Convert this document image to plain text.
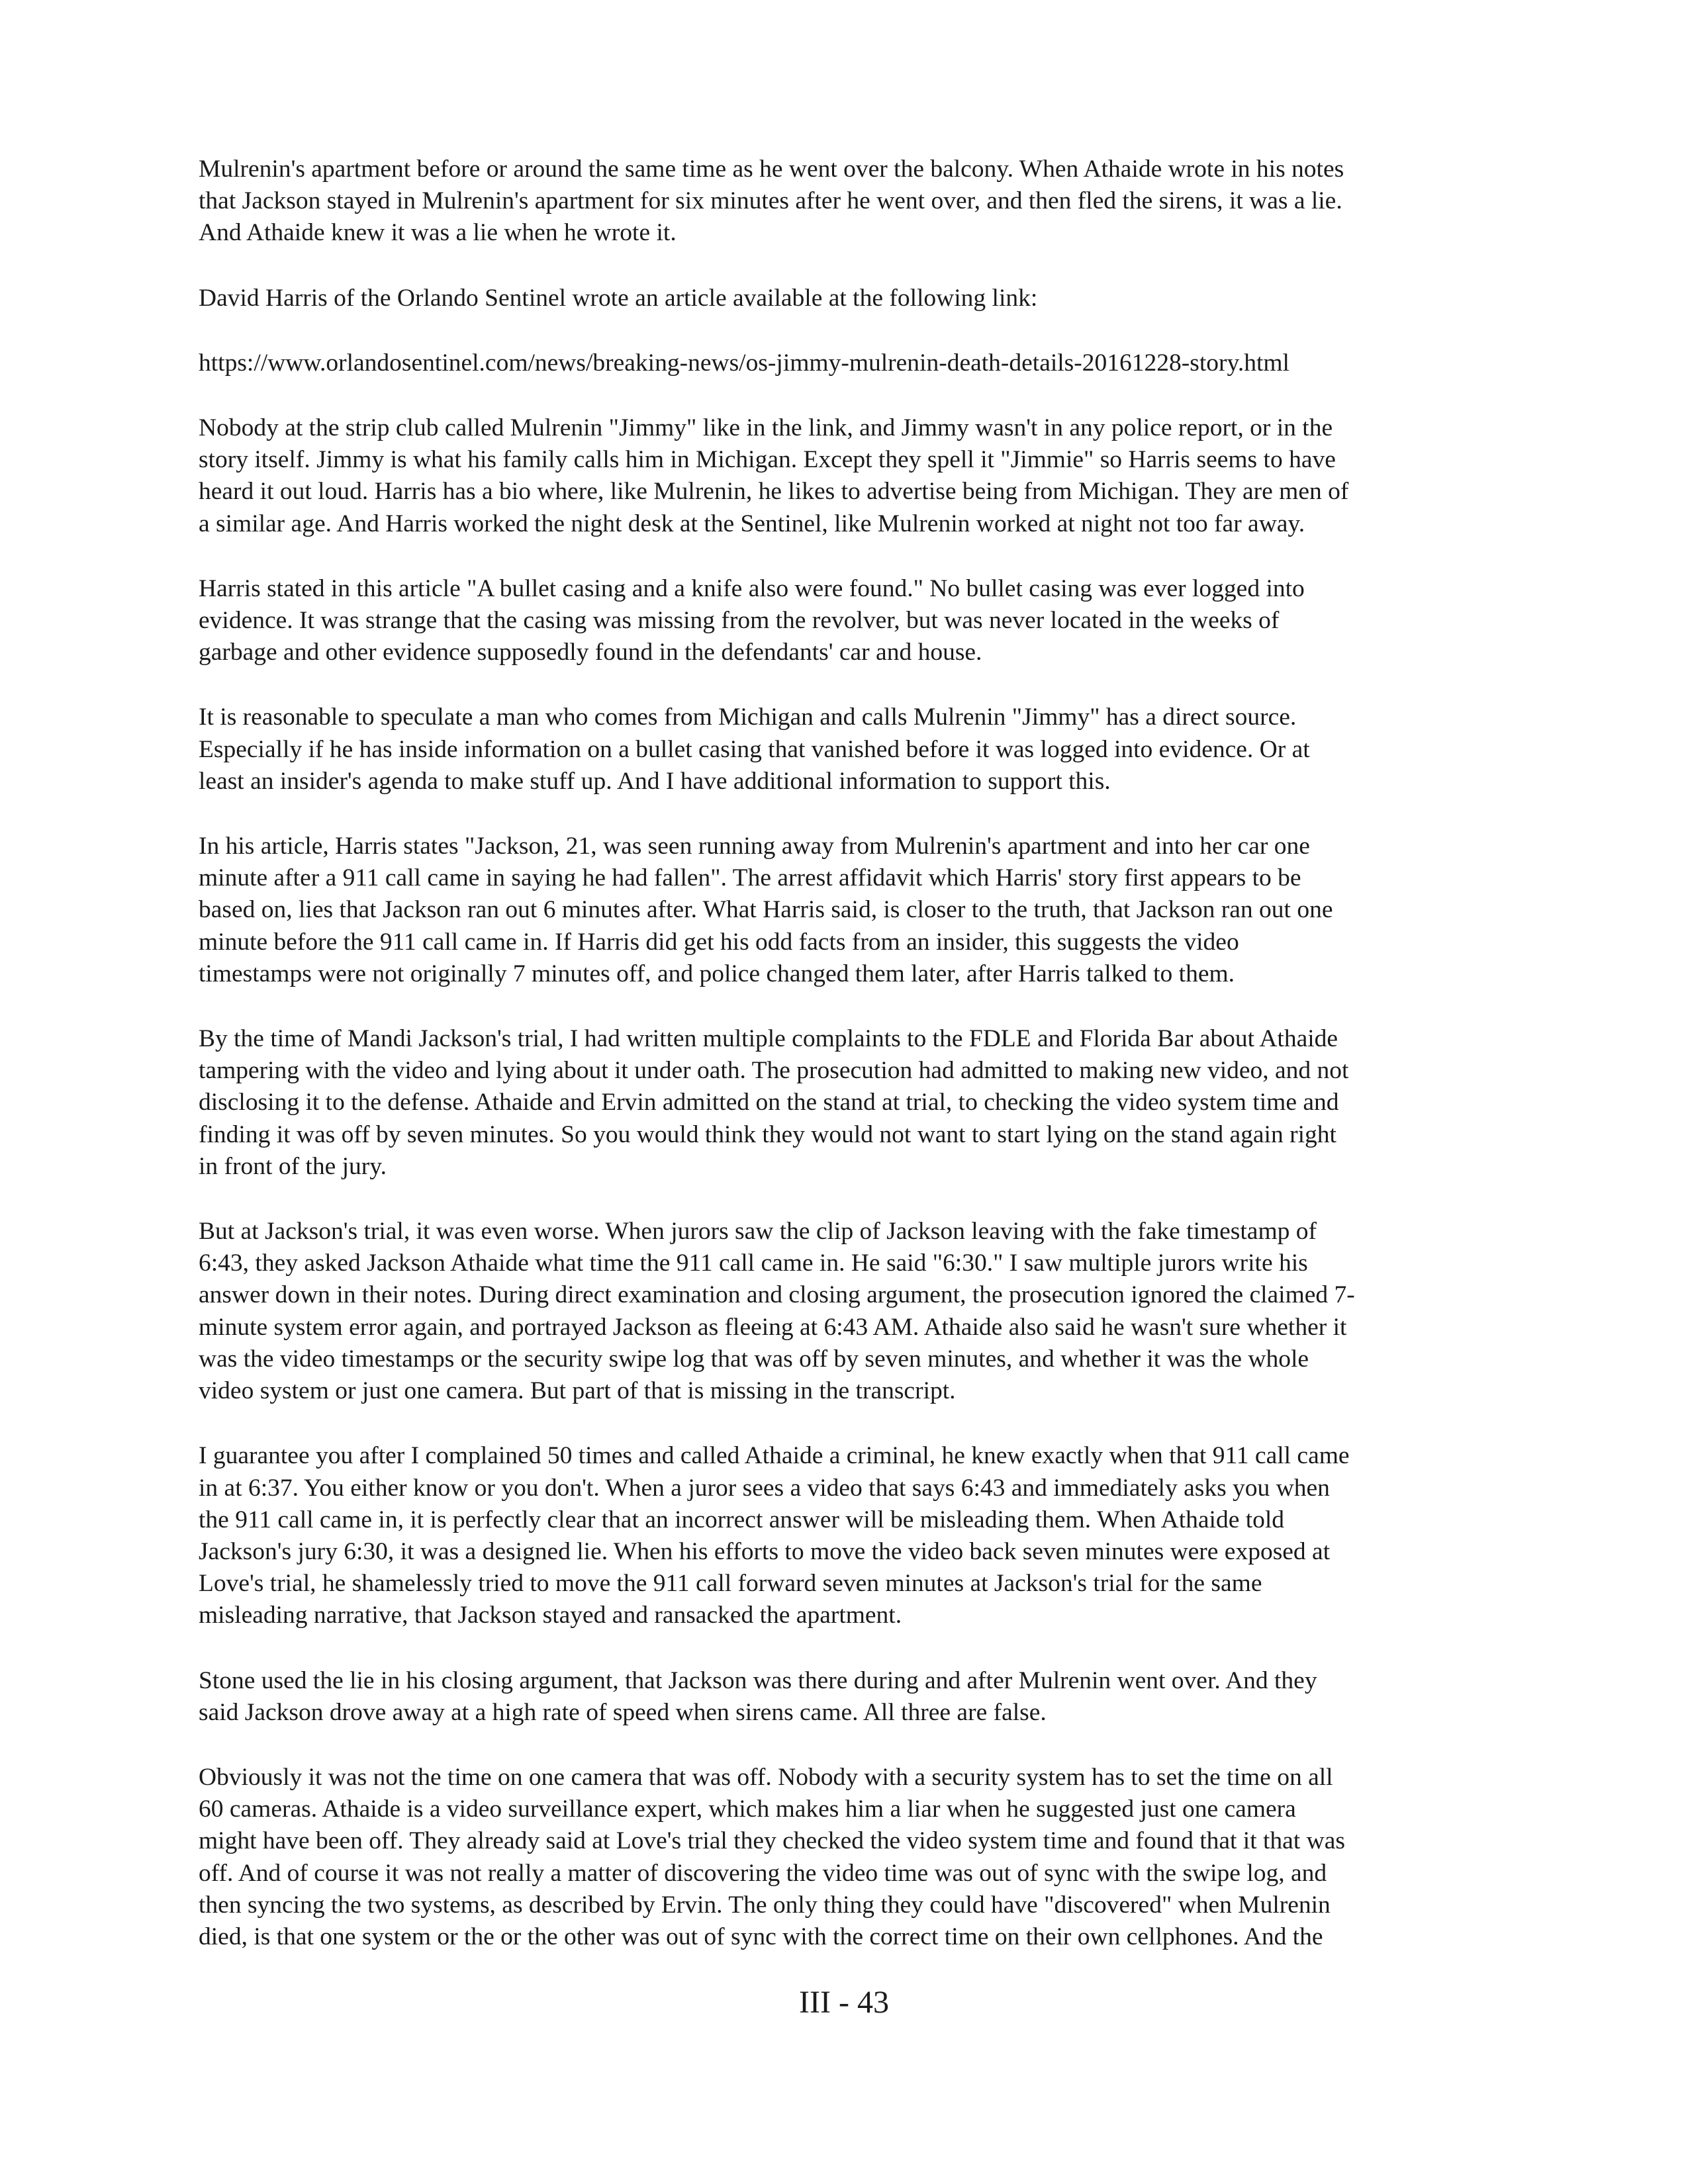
Mulrenin's apartment before or around the same time as he went over the balcony. When Athaide wrote in his notes
that Jackson stayed in Mulrenin's apartment for six minutes after he went over, and then fled the sirens, it was a lie.
And Athaide knew it was a lie when he wrote it.

David Harris of the Orlando Sentinel wrote an article available at the following link:

https://www.orlandosentinel.com/news/breaking-news/os-jimmy-mulrenin-death-details-20161228-story.html

Nobody at the strip club called Mulrenin "Jimmy" like in the link, and Jimmy wasn't in any police report, or in the
story itself. Jimmy is what his family calls him in Michigan. Except they spell it "Jimmie" so Harris seems to have
heard it out loud. Harris has a bio where, like Mulrenin, he likes to advertise being from Michigan. They are men of
a similar age. And Harris worked the night desk at the Sentinel, like Mulrenin worked at night not too far away.

Harris stated in this article "A bullet casing and a knife also were found." No bullet casing was ever logged into
evidence. It was strange that the casing was missing from the revolver, but was never located in the weeks of
garbage and other evidence supposedly found in the defendants' car and house.

It is reasonable to speculate a man who comes from Michigan and calls Mulrenin "Jimmy" has a direct source.
Especially if he has inside information on a bullet casing that vanished before it was logged into evidence. Or at
least an insider's agenda to make stuff up. And I have additional information to support this.

In his article, Harris states "Jackson, 21, was seen running away from Mulrenin's apartment and into her car one
minute after a 911 call came in saying he had fallen". The arrest affidavit which Harris' story first appears to be
based on, lies that Jackson ran out 6 minutes after. What Harris said, is closer to the truth, that Jackson ran out one
minute before the 911 call came in. If Harris did get his odd facts from an insider, this suggests the video
timestamps were not originally 7 minutes off, and police changed them later, after Harris talked to them.

By the time of Mandi Jackson's trial, I had written multiple complaints to the FDLE and Florida Bar about Athaide
tampering with the video and lying about it under oath. The prosecution had admitted to making new video, and not
disclosing it to the defense. Athaide and Ervin admitted on the stand at trial, to checking the video system time and
finding it was off by seven minutes. So you would think they would not want to start lying on the stand again right
in front of the jury.

But at Jackson's trial, it was even worse. When jurors saw the clip of Jackson leaving with the fake timestamp of
6:43, they asked Jackson Athaide what time the 911 call came in. He said "6:30." I saw multiple jurors write his
answer down in their notes. During direct examination and closing argument, the prosecution ignored the claimed 7-
minute system error again, and portrayed Jackson as fleeing at 6:43 AM. Athaide also said he wasn't sure whether it
was the video timestamps or the security swipe log that was off by seven minutes, and whether it was the whole
video system or just one camera. But part of that is missing in the transcript.

I guarantee you after I complained 50 times and called Athaide a criminal, he knew exactly when that 911 call came
in at 6:37. You either know or you don't. When a juror sees a video that says 6:43 and immediately asks you when
the 911 call came in, it is perfectly clear that an incorrect answer will be misleading them. When Athaide told
Jackson's jury 6:30, it was a designed lie. When his efforts to move the video back seven minutes were exposed at
Love's trial, he shamelessly tried to move the 911 call forward seven minutes at Jackson's trial for the same
misleading narrative, that Jackson stayed and ransacked the apartment.

Stone used the lie in his closing argument, that Jackson was there during and after Mulrenin went over. And they
said Jackson drove away at a high rate of speed when sirens came. All three are false.

Obviously it was not the time on one camera that was off. Nobody with a security system has to set the time on all
60 cameras. Athaide is a video surveillance expert, which makes him a liar when he suggested just one camera
might have been off. They already said at Love's trial they checked the video system time and found that it that was
off. And of course it was not really a matter of discovering the video time was out of sync with the swipe log, and
then syncing the two systems, as described by Ervin. The only thing they could have "discovered" when Mulrenin
died, is that one system or the or the other was out of sync with the correct time on their own cellphones. And the

III - 43
